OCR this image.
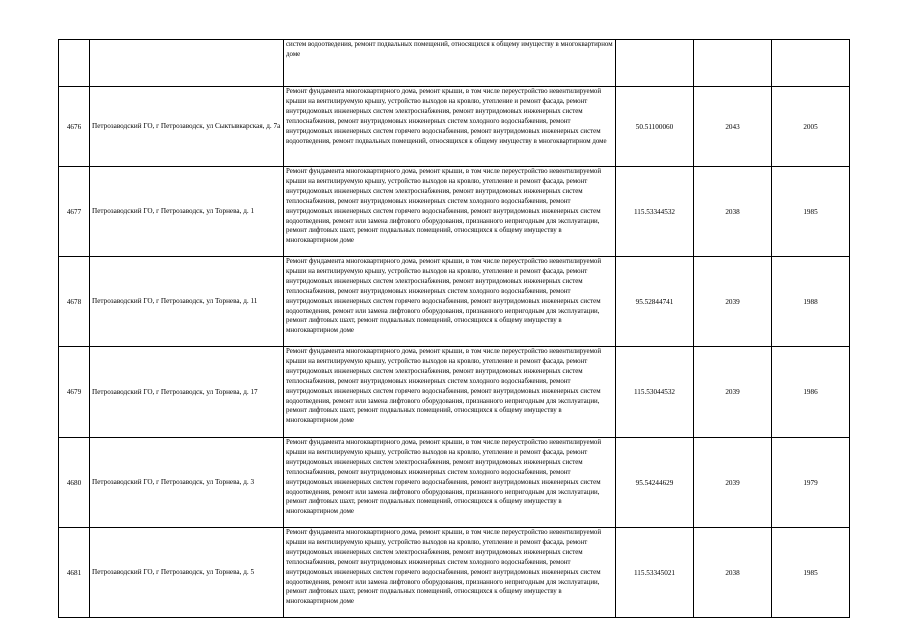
		систем водоотведения, ремонт подвальных помещений, относящихся к общему имуществу в многоквартирном доме			

4676	Петрозаводский ГО, г Петрозаводск, ул Сыктывкарская, д. 7а	Ремонт фундамента многоквартирного дома, ремонт крыши, в том числе переустройство невентилируемой крыши на вентилируемую крышу, устройство выходов на кровлю, утепление и ремонт фасада, ремонт внутридомовых инженерных систем электроснабжения, ремонт внутридомовых инженерных систем теплоснабжения, ремонт внутридомовых инженерных систем холодного водоснабжения, ремонт внутридомовых инженерных систем горячего водоснабжения, ремонт внутридомовых инженерных систем водоотведения, ремонт подвальных помещений, относящихся к общему имуществу в многоквартирном доме	50.51100060	2043	2005
4677	Петрозаводский ГО, г Петрозаводск, ул Торнева, д. 1	Ремонт фундамента многоквартирного дома, ремонт крыши, в том числе переустройство невентилируемой крыши на вентилируемую крышу, устройство выходов на кровлю, утепление и ремонт фасада, ремонт внутридомовых инженерных систем электроснабжения, ремонт внутридомовых инженерных систем теплоснабжения, ремонт внутридомовых инженерных систем холодного водоснабжения, ремонт внутридомовых инженерных систем горячего водоснабжения, ремонт внутридомовых инженерных систем водоотведения, ремонт или замена лифтового оборудования, признанного непригодным для эксплуатации, ремонт лифтовых шахт, ремонт подвальных помещений, относящихся к общему имуществу в многоквартирном доме	115.53344532	2038	1985
4678	Петрозаводский ГО, г Петрозаводск, ул Торнева, д. 11	Ремонт фундамента многоквартирного дома, ремонт крыши, в том числе переустройство невентилируемой крыши на вентилируемую крышу, устройство выходов на кровлю, утепление и ремонт фасада, ремонт внутридомовых инженерных систем электроснабжения, ремонт внутридомовых инженерных систем теплоснабжения, ремонт внутридомовых инженерных систем холодного водоснабжения, ремонт внутридомовых инженерных систем горячего водоснабжения, ремонт внутридомовых инженерных систем водоотведения, ремонт или замена лифтового оборудования, признанного непригодным для эксплуатации, ремонт лифтовых шахт, ремонт подвальных помещений, относящихся к общему имуществу в многоквартирном доме	95.52844741	2039	1988
4679	Петрозаводский ГО, г Петрозаводск, ул Торнева, д. 17	Ремонт фундамента многоквартирного дома, ремонт крыши, в том числе переустройство невентилируемой крыши на вентилируемую крышу, устройство выходов на кровлю, утепление и ремонт фасада, ремонт внутридомовых инженерных систем электроснабжения, ремонт внутридомовых инженерных систем теплоснабжения, ремонт внутридомовых инженерных систем холодного водоснабжения, ремонт внутридомовых инженерных систем горячего водоснабжения, ремонт внутридомовых инженерных систем водоотведения, ремонт или замена лифтового оборудования, признанного непригодным для эксплуатации, ремонт лифтовых шахт, ремонт подвальных помещений, относящихся к общему имуществу в многоквартирном доме	115.53044532	2039	1986
4680	Петрозаводский ГО, г Петрозаводск, ул Торнева, д. 3	Ремонт фундамента многоквартирного дома, ремонт крыши, в том числе переустройство невентилируемой крыши на вентилируемую крышу, устройство выходов на кровлю, утепление и ремонт фасада, ремонт внутридомовых инженерных систем электроснабжения, ремонт внутридомовых инженерных систем теплоснабжения, ремонт внутридомовых инженерных систем холодного водоснабжения, ремонт внутридомовых инженерных систем горячего водоснабжения, ремонт внутридомовых инженерных систем водоотведения, ремонт или замена лифтового оборудования, признанного непригодным для эксплуатации, ремонт лифтовых шахт, ремонт подвальных помещений, относящихся к общему имуществу в многоквартирном доме	95.54244629	2039	1979
4681	Петрозаводский ГО, г Петрозаводск, ул Торнева, д. 5	Ремонт фундамента многоквартирного дома, ремонт крыши, в том числе переустройство невентилируемой крыши на вентилируемую крышу, устройство выходов на кровлю, утепление и ремонт фасада, ремонт внутридомовых инженерных систем электроснабжения, ремонт внутридомовых инженерных систем теплоснабжения, ремонт внутридомовых инженерных систем холодного водоснабжения, ремонт внутридомовых инженерных систем горячего водоснабжения, ремонт внутридомовых инженерных систем водоотведения, ремонт или замена лифтового оборудования, признанного непригодным для эксплуатации, ремонт лифтовых шахт, ремонт подвальных помещений, относящихся к общему имуществу в многоквартирном доме	115.53345021	2038	1985
